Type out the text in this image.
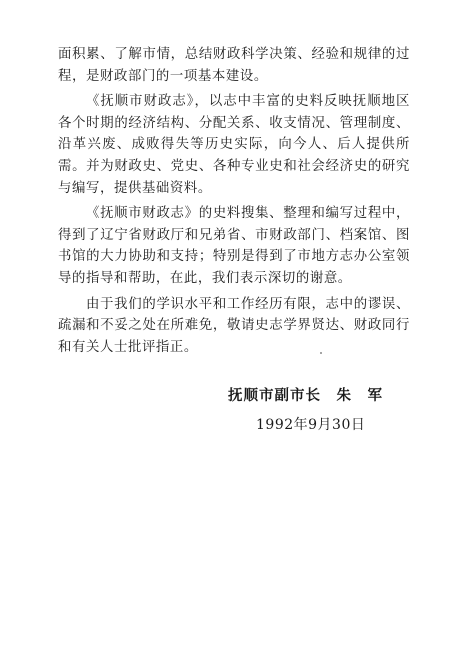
面积累、了解市情，总结财政科学决策、经验和规律的过程，是财政部门的一项基本建设。

《抚顺市财政志》，以志中丰富的史料反映抚顺地区各个时期的经济结构、分配关系、收支情况、管理制度、沿革兴废、成败得失等历史实际，向今人、后人提供所需。并为财政史、党史、各种专业史和社会经济史的研究与编写，提供基础资料。

《抚顺市财政志》的史料搜集、整理和编写过程中，得到了辽宁省财政厅和兄弟省、市财政部门、档案馆、图书馆的大力协助和支持；特别是得到了市地方志办公室领导的指导和帮助，在此，我们表示深切的谢意。

由于我们的学识水平和工作经历有限，志中的谬误、疏漏和不妥之处在所难免，敬请史志学界贤达、财政同行和有关人士批评指正。

抚顺市副市长　朱　军
1992年9月30日
